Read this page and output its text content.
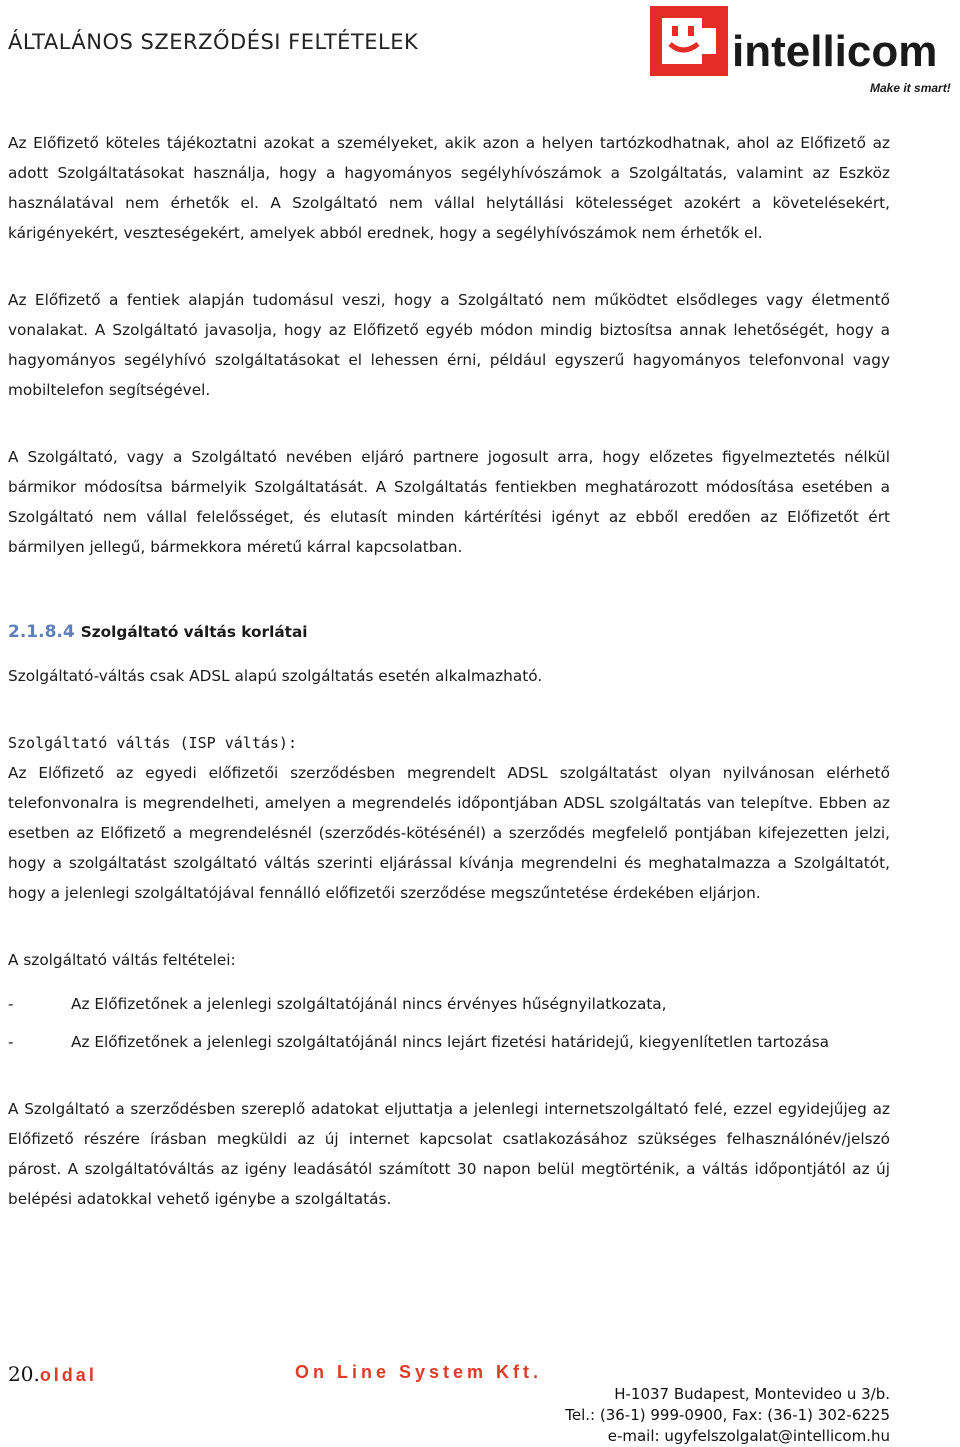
ÁLTALÁNOS SZERZŐDÉSI FELTÉTELEK	intellicom
Make it smart!

Az Előfizető köteles tájékoztatni azokat a személyeket, akik azon a helyen tartózkodhatnak, ahol az Előfizető az adott Szolgáltatásokat használja, hogy a hagyományos segélyhívószámok a Szolgáltatás, valamint az Eszköz használatával nem érhetők el. A Szolgáltató nem vállal helytállási kötelességet azokért a követelésekért, kárigényekért, veszteségekért, amelyek abból erednek, hogy a segélyhívószámok nem érhetők el.

Az Előfizető a fentiek alapján tudomásul veszi, hogy a Szolgáltató nem működtet elsődleges vagy életmentő vonalakat. A Szolgáltató javasolja, hogy az Előfizető egyéb módon mindig biztosítsa annak lehetőségét, hogy a hagyományos segélyhívó szolgáltatásokat el lehessen érni, például egyszerű hagyományos telefonvonal vagy mobiltelefon segítségével.

A Szolgáltató, vagy a Szolgáltató nevében eljáró partnere jogosult arra, hogy előzetes figyelmeztetés nélkül bármikor módosítsa bármelyik Szolgáltatását. A Szolgáltatás fentiekben meghatározott módosítása esetében a Szolgáltató nem vállal felelősséget, és elutasít minden kártérítési igényt az ebből eredően az Előfizetőt ért bármilyen jellegű, bármekkora méretű kárral kapcsolatban.

2.1.8.4 Szolgáltató váltás korlátai

Szolgáltató-váltás csak ADSL alapú szolgáltatás esetén alkalmazható.

Szolgáltató váltás (ISP váltás):

Az Előfizető az egyedi előfizetői szerződésben megrendelt ADSL szolgáltatást olyan nyilvánosan elérhető telefonvonalra is megrendelheti, amelyen a megrendelés időpontjában ADSL szolgáltatás van telepítve. Ebben az esetben az Előfizető a megrendelésnél (szerződés-kötésénél) a szerződés megfelelő pontjában kifejezetten jelzi, hogy a szolgáltatást szolgáltató váltás szerinti eljárással kívánja megrendelni és meghatalmazza a Szolgáltatót, hogy a jelenlegi szolgáltatójával fennálló előfizetői szerződése megszűntetése érdekében eljárjon.

A szolgáltató váltás feltételei:

-	Az Előfizetőnek a jelenlegi szolgáltatójánál nincs érvényes hűségnyilatkozata,
-	Az Előfizetőnek a jelenlegi szolgáltatójánál nincs lejárt fizetési határidejű, kiegyenlítetlen tartozása

A Szolgáltató a szerződésben szereplő adatokat eljuttatja a jelenlegi internetszolgáltató felé, ezzel egyidejűjeg az Előfizető részére írásban megküldi az új internet kapcsolat csatlakozásához szükséges felhasználónév/jelszó párost. A szolgáltatóváltás az igény leadásától számított 30 napon belül megtörténik, a váltás időpontjától az új belépési adatokkal vehető igénybe a szolgáltatás.

20.oldal	On Line System Kft.
H-1037 Budapest, Montevideo u 3/b.
Tel.: (36-1) 999-0900, Fax: (36-1) 302-6225
e-mail: ugyfelszolgalat@intellicom.hu
